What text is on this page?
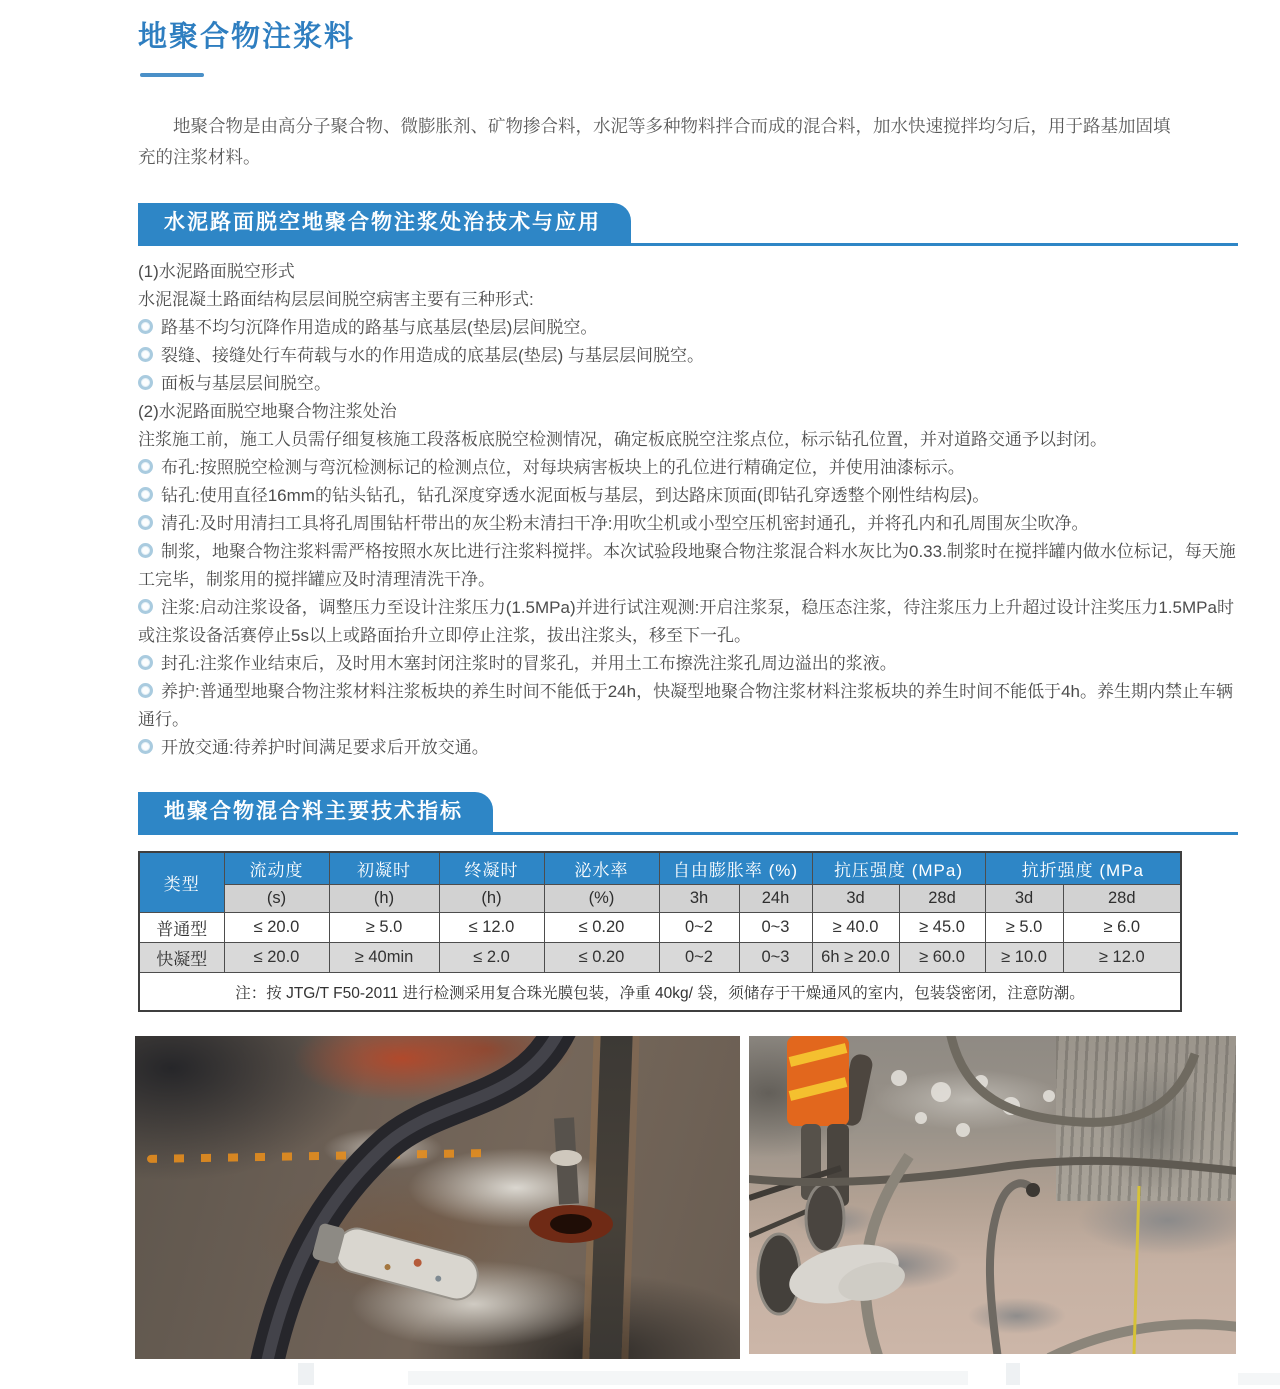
地聚合物注浆料

地聚合物是由高分子聚合物、微膨胀剂、矿物掺合料，水泥等多种物料拌合而成的混合料，加水快速搅拌均匀后，用于路基加固填充的注浆材料。

水泥路面脱空地聚合物注浆处治技术与应用

(1)水泥路面脱空形式

水泥混凝土路面结构层层间脱空病害主要有三种形式:

路基不均匀沉降作用造成的路基与底基层(垫层)层间脱空。

裂缝、接缝处行车荷载与水的作用造成的底基层(垫层) 与基层层间脱空。

面板与基层层间脱空。

(2)水泥路面脱空地聚合物注浆处治

注浆施工前，施工人员需仔细复核施工段落板底脱空检测情况，确定板底脱空注浆点位，标示钻孔位置，并对道路交通予以封闭。

布孔:按照脱空检测与弯沉检测标记的检测点位，对每块病害板块上的孔位进行精确定位，并使用油漆标示。

钻孔:使用直径16mm的钻头钻孔，钻孔深度穿透水泥面板与基层，到达路床顶面(即钻孔穿透整个刚性结构层)。

清孔:及时用清扫工具将孔周围钻杆带出的灰尘粉末清扫干净:用吹尘机或小型空压机密封通孔，并将孔内和孔周围灰尘吹净。

制浆，地聚合物注浆料需严格按照水灰比进行注浆料搅拌。本次试验段地聚合物注浆混合料水灰比为0.33.制浆时在搅拌罐内做水位标记，每天施工完毕，制浆用的搅拌罐应及时清理清洗干净。

注浆:启动注浆设备，调整压力至设计注浆压力(1.5MPa)并进行试注观测:开启注浆泵，稳压态注浆，待注浆压力上升超过设计注奖压力1.5MPa时或注浆设备活赛停止5s以上或路面抬升立即停止注浆，拔出注浆头，移至下一孔。

封孔:注浆作业结束后，及时用木塞封闭注浆时的冒浆孔，并用土工布擦洗注浆孔周边溢出的浆液。

养护:普通型地聚合物注浆材料注浆板块的养生时间不能低于24h，快凝型地聚合物注浆材料注浆板块的养生时间不能低于4h。养生期内禁止车辆通行。

开放交通:待养护时间满足要求后开放交通。

地聚合物混合料主要技术指标
类型	流动度	初凝时	终凝时	泌水率	自由膨胀率 (%)		抗压强度 (MPa)		抗折强度 (MPa	
	(s)	(h)	(h)	(%)	3h	24h	3d	28d	3d	28d
普通型	≤ 20.0	≥ 5.0	≤ 12.0	≤ 0.20	0~2	0~3	≥ 40.0	≥ 45.0	≥ 5.0	≥ 6.0
快凝型	≤ 20.0	≥ 40min	≤ 2.0	≤ 0.20	0~2	0~3	6h ≥ 20.0	≥ 60.0	≥ 10.0	≥ 12.0
注：按 JTG/T F50-2011 进行检测采用复合珠光膜包装，净重 40kg/ 袋，须储存于干燥通风的室内，包装袋密闭，注意防潮。										
